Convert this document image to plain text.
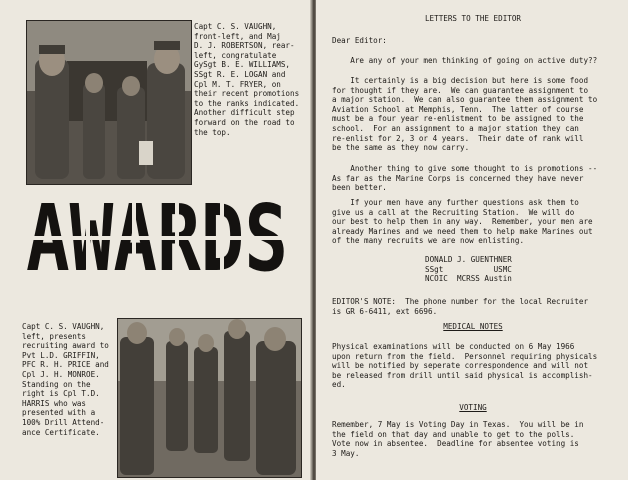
Capt C. S. VAUGHN,
front-left, and Maj
D. J. ROBERTSON, rear-
left, congratulate
GySgt B. E. WILLIAMS,
SSgt R. E. LOGAN and
Cpl M. T. FRYER, on
their recent promotions
to the ranks indicated.
Another difficult step
forward on the road to
the top.
AWARDS
Capt C. S. VAUGHN,
left, presents
recruiting award to
Pvt L.D. GRIFFIN,
PFC R. H. PRICE and
Cpl J. H. MONROE.
Standing on the
right is Cpl T.D.
HARRIS who was
presented with a
100% Drill Attend-
ance Certificate.
LETTERS TO THE EDITOR
Dear Editor:
Are any of your men thinking of going on active duty??
It certainly is a big decision but here is some food
for thought if they are.  We can guarantee assignment to
a major station.  We can also guarantee them assignment to
Aviation School at Memphis, Tenn.  The latter of course
must be a four year re-enlistment to be assigned to the
school.  For an assignment to a major station they can
re-enlist for 2, 3 or 4 years.  Their date of rank will
be the same as they now carry.
Another thing to give some thought to is promotions --
As far as the Marine Corps is concerned they have never
been better.
If your men have any further questions ask them to
give us a call at the Recruiting Station.  We will do
our best to help them in any way.  Remember, your men are
already Marines and we need them to help make Marines out
of the many recruits we are now enlisting.
DONALD J. GUENTHNER
SSgt           USMC
NCOIC  MCRSS Austin
EDITOR'S NOTE:  The phone number for the local Recruiter
is GR 6-6411, ext 6696.
MEDICAL NOTES
Physical examinations will be conducted on 6 May 1966
upon return from the field.  Personnel requiring physicals
will be notified by seperate correspondence and will not
be released from drill until said physical is accomplish-
ed.
VOTING
Remember, 7 May is Voting Day in Texas.  You will be in
the field on that day and unable to get to the polls.
Vote now in absentee.  Deadline for absentee voting is
3 May.
